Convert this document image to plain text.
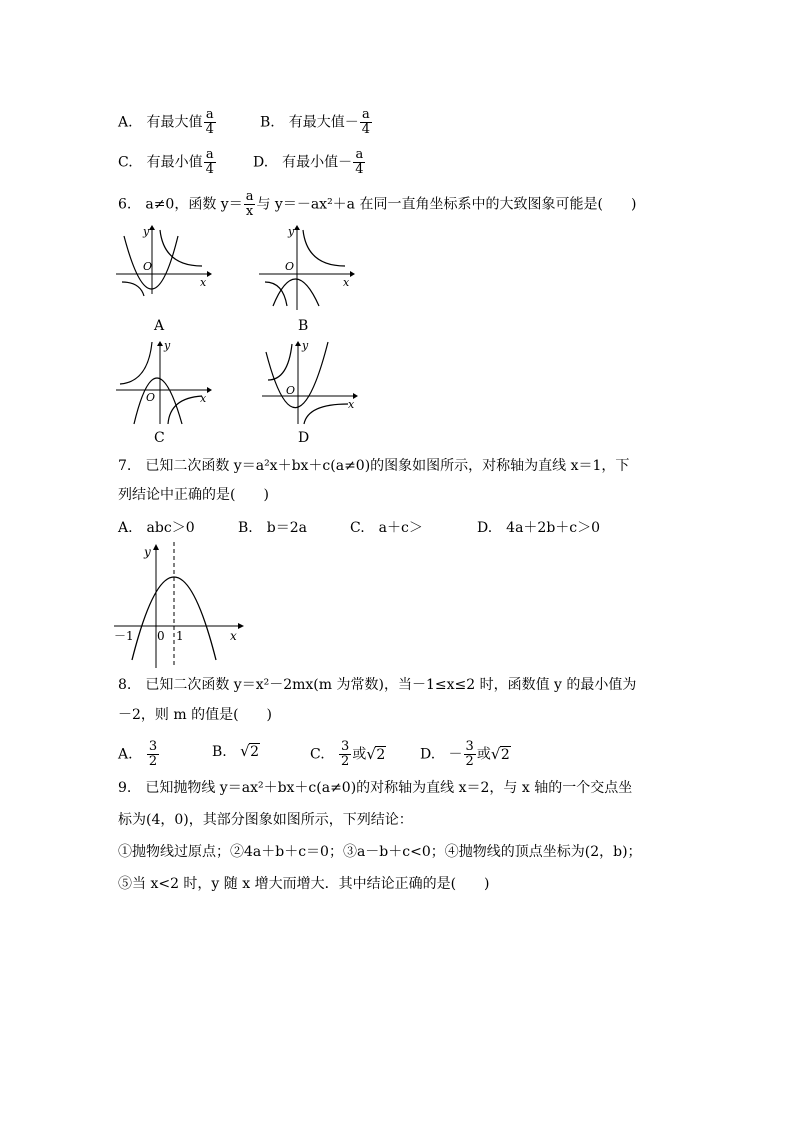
A.　有最大值 $\frac{a}{4}$	B.　有最大值－ $\frac{a}{4}$
C.　有最小值 $\frac{a}{4}$	D.　有最小值－ $\frac{a}{4}$
6.　a≠0，函数 $y= \frac{a}{x}$ 与 y＝－ax²＋a 在同一直角坐标系中的大致图象可能是(　　)
y
O
x
A
y
O
x
B
y
O	x
C
y
O
x
D
7.　已知二次函数 y＝a²x＋bx＋c(a≠0)的图象如图所示，对称轴为直线 x＝1，下
列结论中正确的是(　　)
A.　abc＞0	B.　b＝2a	C.　a＋c＞	D.　4a＋2b＋c＞0
y
x
－1 0 1
8.　已知二次函数 y＝x²－2mx(m 为常数)，当－1≤x≤2 时，函数值 y 的最小值为
－2，则 m 的值是(　　)
A. $\frac{3}{2}$	B. √ 2	C. $\frac{3}{2}$ 或 √ 2 D. － $\frac{3}{2}$ 或 √ 2
9.　已知抛物线 y＝ax²＋bx＋c(a≠0)的对称轴为直线 x＝2，与 x 轴的一个交点坐
标为(4，0)，其部分图象如图所示，下列结论：
①抛物线过原点；②4a＋b＋c＝0；③a－b＋c<0；④抛物线的顶点坐标为(2，b)；
⑤当 x<2 时，y 随 x 增大而增大．其中结论正确的是(　　)
